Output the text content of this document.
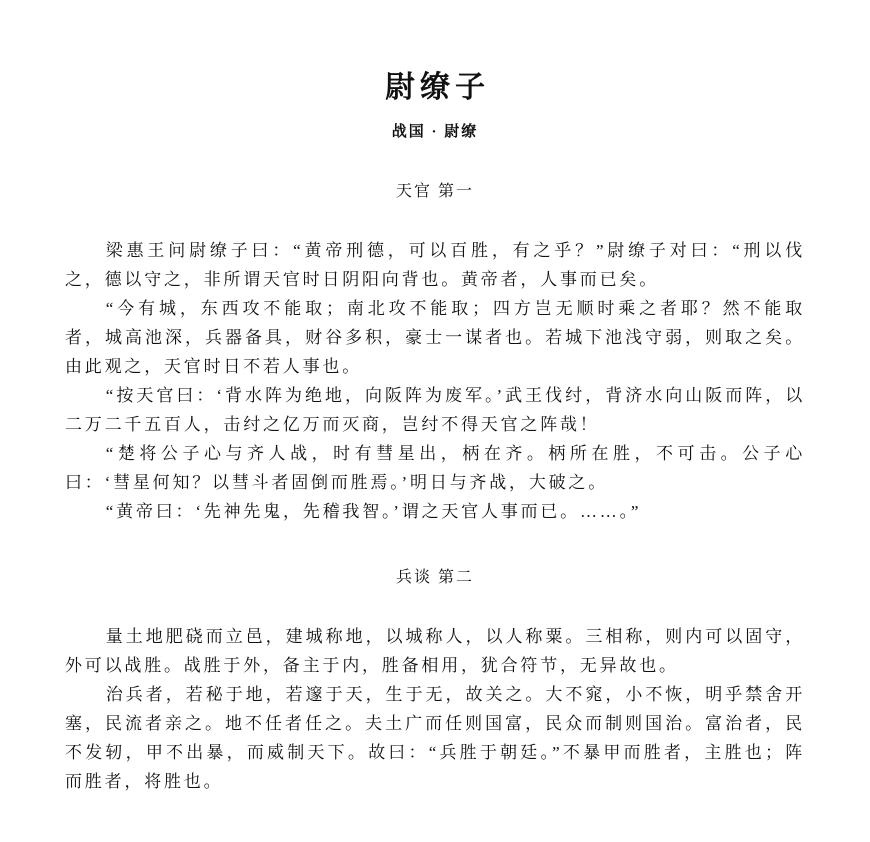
尉缭子

战国 · 尉缭

天官 第一

梁惠王问尉缭子曰：“黄帝刑德，可以百胜，有之乎？”尉缭子对曰：“刑以伐之，德以守之，非所谓天官时日阴阳向背也。黄帝者，人事而已矣。

“今有城，东西攻不能取；南北攻不能取；四方岂无顺时乘之者耶？然不能取者，城高池深，兵器备具，财谷多积，豪士一谋者也。若城下池浅守弱，则取之矣。由此观之，天官时日不若人事也。

“按天官曰：‘背水阵为绝地，向阪阵为废军。’武王伐纣，背济水向山阪而阵，以二万二千五百人，击纣之亿万而灭商，岂纣不得天官之阵哉！

“楚将公子心与齐人战，时有彗星出，柄在齐。柄所在胜，不可击。公子心曰：‘彗星何知？以彗斗者固倒而胜焉。’明日与齐战，大破之。

“黄帝曰：‘先神先鬼，先稽我智。’谓之天官人事而已。……。”

兵谈 第二

量土地肥硗而立邑，建城称地，以城称人，以人称粟。三相称，则内可以固守，外可以战胜。战胜于外，备主于内，胜备相用，犹合符节，无异故也。

治兵者，若秘于地，若邃于天，生于无，故关之。大不窕，小不恢，明乎禁舍开塞，民流者亲之。地不任者任之。夫土广而任则国富，民众而制则国治。富治者，民不发轫，甲不出暴，而威制天下。故曰：“兵胜于朝廷。”不暴甲而胜者，主胜也；阵而胜者，将胜也。
